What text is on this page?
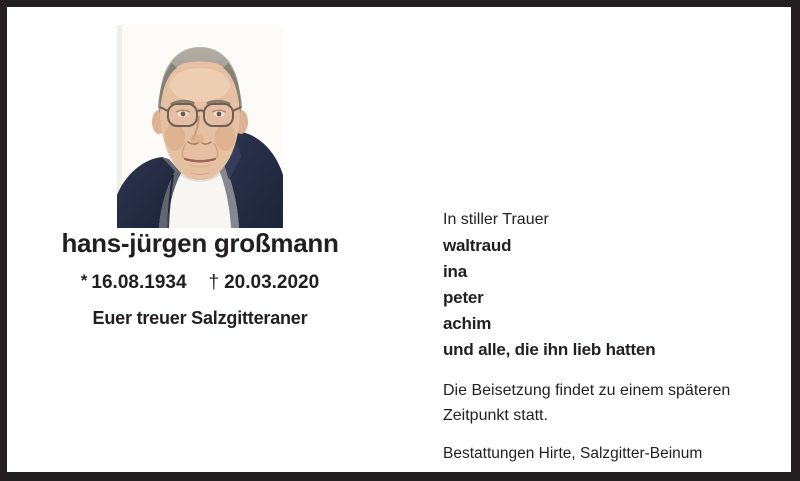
hans-jürgen großmann
* 16.08.1934 † 20.03.2020
Euer treuer Salzgitteraner
In stiller Trauer
waltraud
ina
peter
achim
und alle, die ihn lieb hatten
Die Beisetzung findet zu einem späteren
Zeitpunkt statt.
Bestattungen Hirte, Salzgitter-Beinum
